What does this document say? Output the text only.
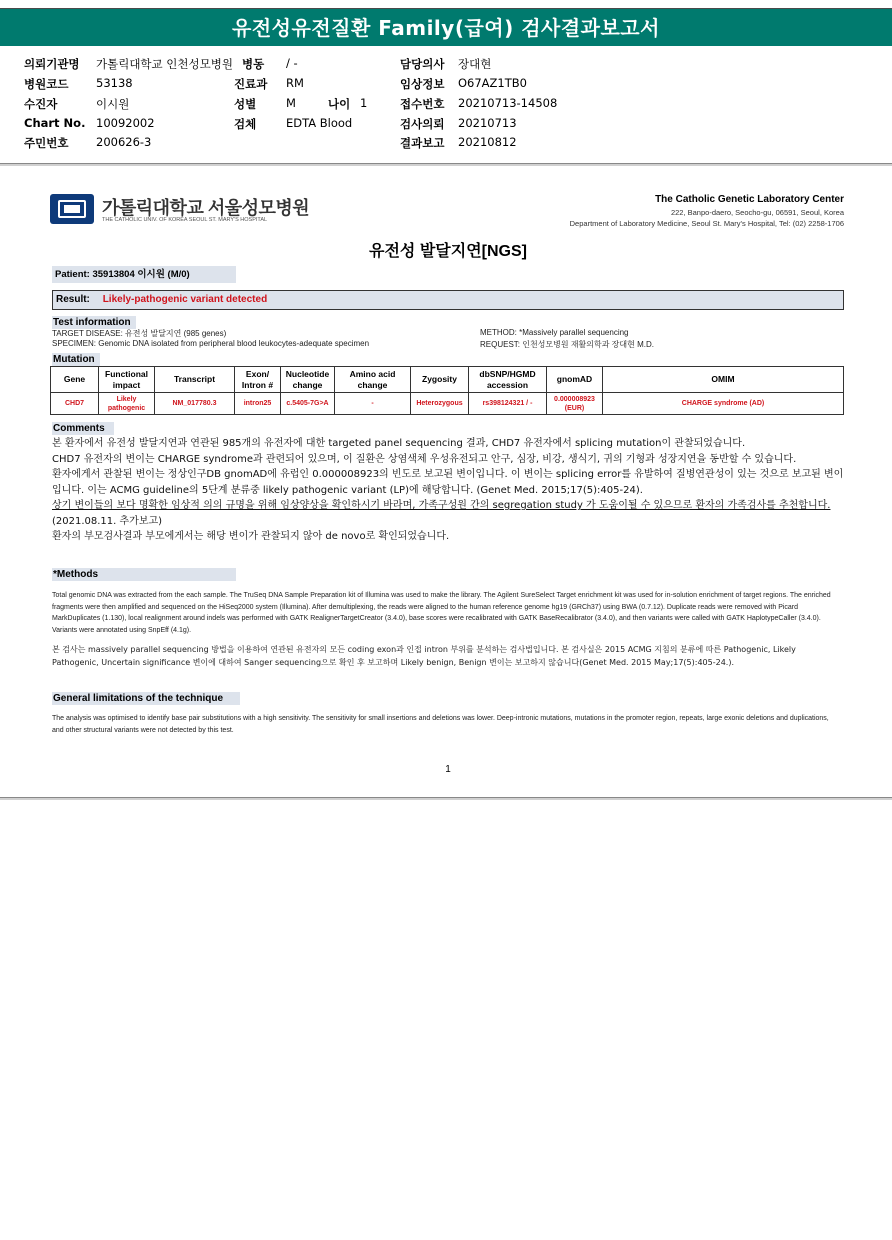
유전성유전질환 Family(급여) 검사결과보고서
의뢰기관명 가톨릭대학교 인천성모병원 병동 / -	담당의사 장대현
병원코드 53138	진료과 RM	임상정보 O67AZ1TB0
수진자	이시원	성별	M	나이 1	접수번호 20210713-14508
Chart No. 10092002	검체	EDTA Blood	검사의뢰 20210713
주민번호 200626-3	결과보고 20210812
가톨릭대학교 서울성모병원
THE CATHOLIC UNIV. OF KOREA SEOUL ST. MARY'S HOSPITAL
The Catholic Genetic Laboratory Center
222, Banpo-daero, Seocho-gu, 06591, Seoul, Korea
Department of Laboratory Medicine, Seoul St. Mary's Hospital, Tel: (02) 2258-1706
유전성 발달지연[NGS]
Patient: 35913804 이시원 (M/0)
Result: Likely-pathogenic variant detected
Test information
TARGET DISEASE: 유전성 발달지연 (985 genes)
SPECIMEN: Genomic DNA isolated from peripheral blood leukocytes-adequate specimen
METHOD: *Massively parallel sequencing
REQUEST: 인천성모병원 재활의학과 장대현 M.D.
Mutation
Gene	Functional impact	Transcript	Exon/ Intron #	Nucleotide change	Amino acid change	Zygosity	dbSNP/HGMD accession	gnomAD	OMIM
CHD7	Likely pathogenic	NM_017780.3	intron25	c.5405-7G>A	-	Heterozygous	rs398124321 / -	0.000008923 (EUR)	CHARGE syndrome (AD)
Comments

본 환자에서 유전성 발달지연과 연관된 985개의 유전자에 대한 targeted panel sequencing 결과, CHD7 유전자에서 splicing mutation이 관찰되었습니다.

CHD7 유전자의 변이는 CHARGE syndrome과 관련되어 있으며, 이 질환은 상염색체 우성유전되고 안구, 심장, 비강, 생식기, 귀의 기형과 성장지연을 동반할 수 있습니다.

환자에게서 관찰된 변이는 정상인구DB gnomAD에 유럽인 0.000008923의 빈도로 보고된 변이입니다. 이 변이는 splicing error를 유발하여 질병연관성이 있는 것으로 보고된 변이입니다. 이는 ACMG guideline의 5단계 분류중 likely pathogenic variant (LP)에 해당합니다. (Genet Med. 2015;17(5):405-24).

상기 변이들의 보다 명확한 임상적 의의 규명을 위해 임상양상을 확인하시기 바라며, 가족구성원 간의 segregation study 가 도움이될 수 있으므로 환자의 가족검사를 추천합니다.

(2021.08.11. 추가보고)

환자의 부모검사결과 부모에게서는 해당 변이가 관찰되지 않아 de novo로 확인되었습니다.

*Methods
Total genomic DNA was extracted from the each sample. The TruSeq DNA Sample Preparation kit of Illumina was used to make the library. The Agilent SureSelect Target enrichment kit was used for in-solution enrichment of target regions. The enriched fragments were then amplified and sequenced on the HiSeq2000 system (Illumina). After demultiplexing, the reads were aligned to the human reference genome hg19 (GRCh37) using BWA (0.7.12). Duplicate reads were removed with Picard MarkDuplicates (1.130), local realignment around indels was performed with GATK RealignerTargetCreator (3.4.0), base scores were recalibrated with GATK BaseRecalibrator (3.4.0), and then variants were called with GATK HaplotypeCaller (3.4.0). Variants were annotated using SnpEff (4.1g).
본 검사는 massively parallel sequencing 방법을 이용하여 연관된 유전자의 모든 coding exon과 인접 intron 부위를 분석하는 검사법입니다. 본 검사실은 2015 ACMG 지침의 분류에 따른 Pathogenic, Likely Pathogenic, Uncertain significance 변이에 대하여 Sanger sequencing으로 확인 후 보고하며 Likely benign, Benign 변이는 보고하지 않습니다(Genet Med. 2015 May;17(5):405-24.).
General limitations of the technique
The analysis was optimised to identify base pair substitutions with a high sensitivity. The sensitivity for small insertions and deletions was lower. Deep-intronic mutations, mutations in the promoter region, repeats, large exonic deletions and duplications, and other structural variants were not detected by this test.
1
